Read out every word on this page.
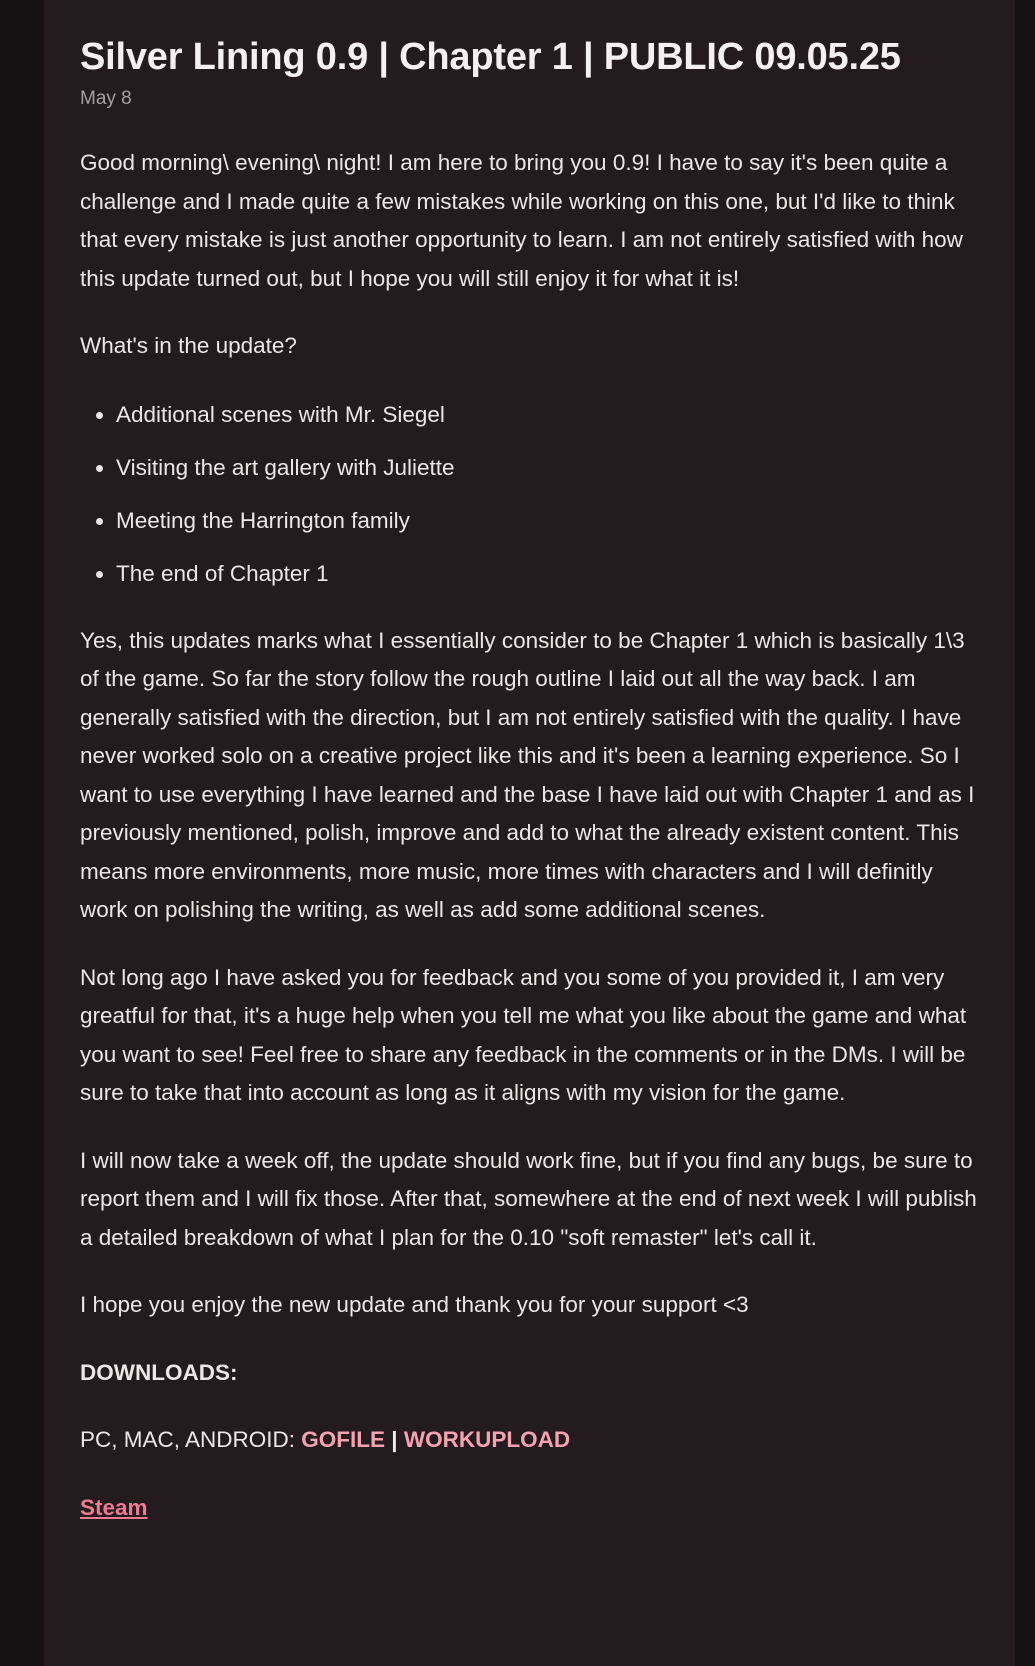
Silver Lining 0.9 | Chapter 1 | PUBLIC 09.05.25
May 8

Good morning\ evening\ night! I am here to bring you 0.9! I have to say it's been quite a challenge and I made quite a few mistakes while working on this one, but I'd like to think that every mistake is just another opportunity to learn. I am not entirely satisfied with how this update turned out, but I hope you will still enjoy it for what it is!

What's in the update?

• Additional scenes with Mr. Siegel
• Visiting the art gallery with Juliette
• Meeting the Harrington family
• The end of Chapter 1

Yes, this updates marks what I essentially consider to be Chapter 1 which is basically 1\3 of the game. So far the story follow the rough outline I laid out all the way back. I am generally satisfied with the direction, but I am not entirely satisfied with the quality. I have never worked solo on a creative project like this and it's been a learning experience. So I want to use everything I have learned and the base I have laid out with Chapter 1 and as I previously mentioned, polish, improve and add to what the already existent content. This means more environments, more music, more times with characters and I will definitly work on polishing the writing, as well as add some additional scenes.

Not long ago I have asked you for feedback and you some of you provided it, I am very greatful for that, it's a huge help when you tell me what you like about the game and what you want to see! Feel free to share any feedback in the comments or in the DMs. I will be sure to take that into account as long as it aligns with my vision for the game.

I will now take a week off, the update should work fine, but if you find any bugs, be sure to report them and I will fix those. After that, somewhere at the end of next week I will publish a detailed breakdown of what I plan for the 0.10 "soft remaster" let's call it.

I hope you enjoy the new update and thank you for your support <3

DOWNLOADS:

PC, MAC, ANDROID: GOFILE | WORKUPLOAD

Steam
